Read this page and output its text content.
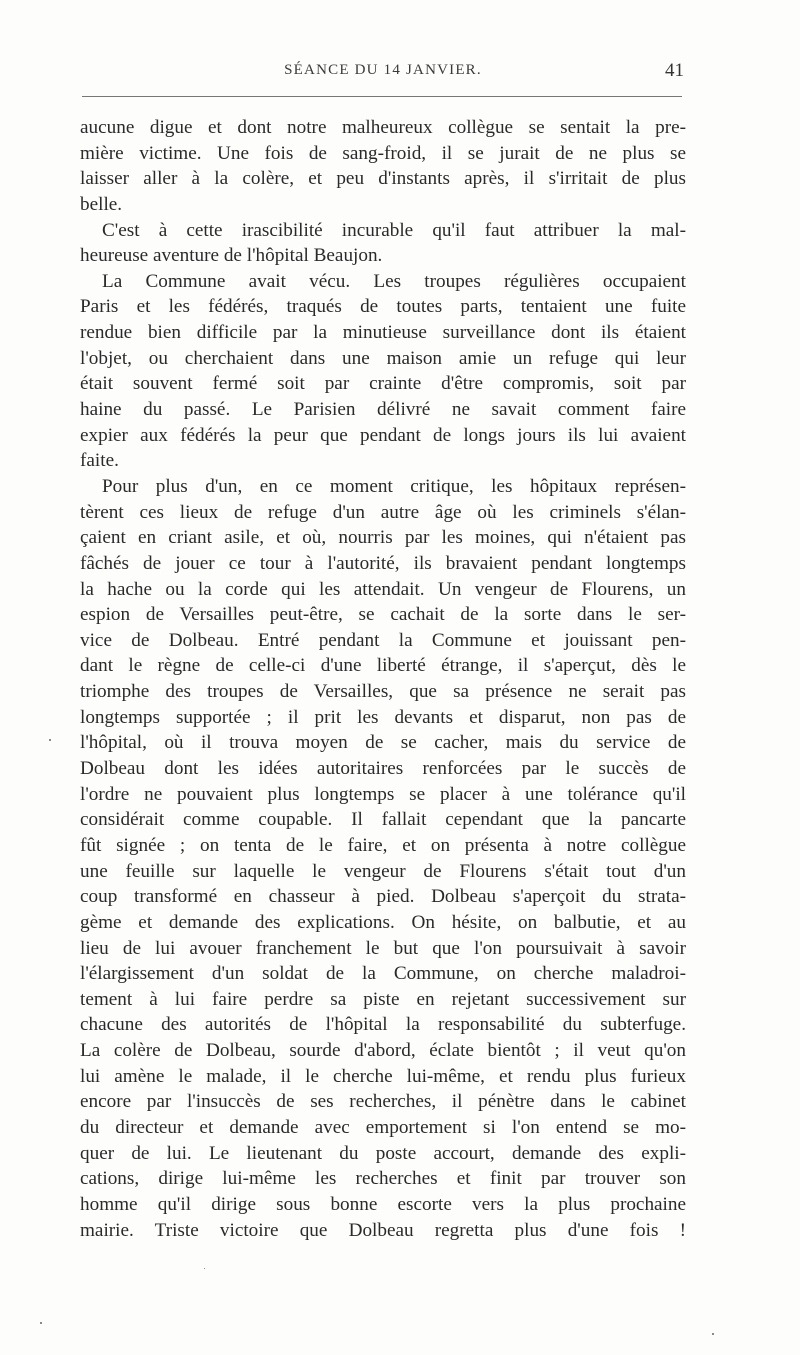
SÉANCE DU 14 JANVIER.	41
aucune digue et dont notre malheureux collègue se sentait la pre-
mière victime. Une fois de sang-froid, il se jurait de ne plus se
laisser aller à la colère, et peu d'instants après, il s'irritait de plus
belle.
C'est à cette irascibilité incurable qu'il faut attribuer la mal-
heureuse aventure de l'hôpital Beaujon.
La Commune avait vécu. Les troupes régulières occupaient
Paris et les fédérés, traqués de toutes parts, tentaient une fuite
rendue bien difficile par la minutieuse surveillance dont ils étaient
l'objet, ou cherchaient dans une maison amie un refuge qui leur
était souvent fermé soit par crainte d'être compromis, soit par
haine du passé. Le Parisien délivré ne savait comment faire
expier aux fédérés la peur que pendant de longs jours ils lui avaient
faite.
Pour plus d'un, en ce moment critique, les hôpitaux représen-
tèrent ces lieux de refuge d'un autre âge où les criminels s'élan-
çaient en criant asile, et où, nourris par les moines, qui n'étaient pas
fâchés de jouer ce tour à l'autorité, ils bravaient pendant longtemps
la hache ou la corde qui les attendait. Un vengeur de Flourens, un
espion de Versailles peut-être, se cachait de la sorte dans le ser-
vice de Dolbeau. Entré pendant la Commune et jouissant pen-
dant le règne de celle-ci d'une liberté étrange, il s'aperçut, dès le
triomphe des troupes de Versailles, que sa présence ne serait pas
longtemps supportée ; il prit les devants et disparut, non pas de
l'hôpital, où il trouva moyen de se cacher, mais du service de
Dolbeau dont les idées autoritaires renforcées par le succès de
l'ordre ne pouvaient plus longtemps se placer à une tolérance qu'il
considérait comme coupable. Il fallait cependant que la pancarte
fût signée ; on tenta de le faire, et on présenta à notre collègue
une feuille sur laquelle le vengeur de Flourens s'était tout d'un
coup transformé en chasseur à pied. Dolbeau s'aperçoit du strata-
gème et demande des explications. On hésite, on balbutie, et au
lieu de lui avouer franchement le but que l'on poursuivait à savoir
l'élargissement d'un soldat de la Commune, on cherche maladroi-
tement à lui faire perdre sa piste en rejetant successivement sur
chacune des autorités de l'hôpital la responsabilité du subterfuge.
La colère de Dolbeau, sourde d'abord, éclate bientôt ; il veut qu'on
lui amène le malade, il le cherche lui-même, et rendu plus furieux
encore par l'insuccès de ses recherches, il pénètre dans le cabinet
du directeur et demande avec emportement si l'on entend se mo-
quer de lui. Le lieutenant du poste accourt, demande des expli-
cations, dirige lui-même les recherches et finit par trouver son
homme qu'il dirige sous bonne escorte vers la plus prochaine
mairie. Triste victoire que Dolbeau regretta plus d'une fois !
